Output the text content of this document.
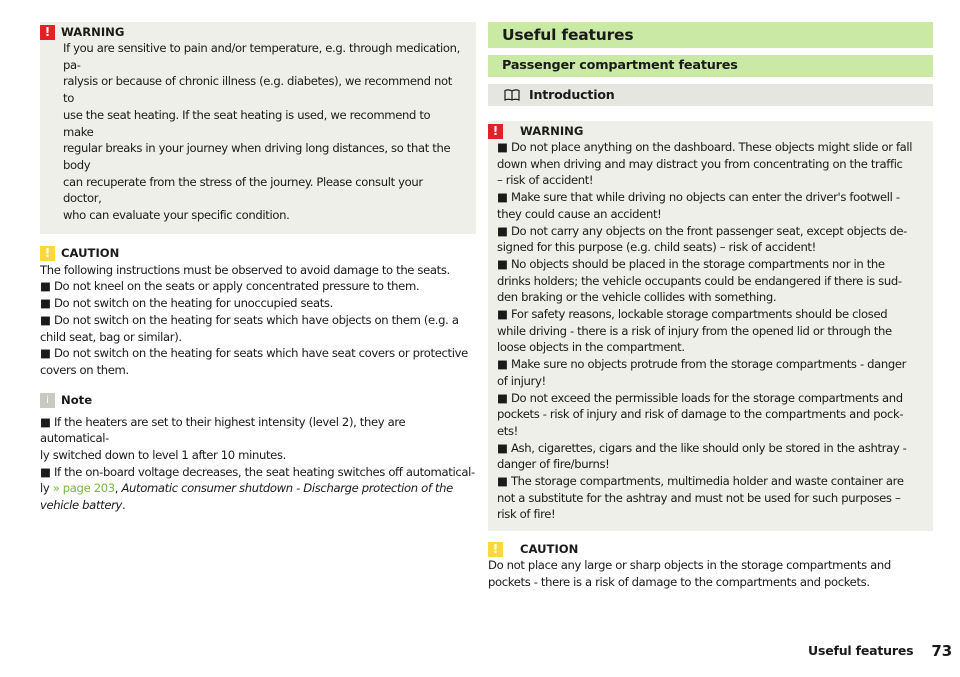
! WARNING
If you are sensitive to pain and/or temperature, e.g. through medication, pa-
ralysis or because of chronic illness (e.g. diabetes), we recommend not to
use the seat heating. If the seat heating is used, we recommend to make
regular breaks in your journey when driving long distances, so that the body
can recuperate from the stress of the journey. Please consult your doctor,
who can evaluate your specific condition.
! CAUTION
The following instructions must be observed to avoid damage to the seats.
■ Do not kneel on the seats or apply concentrated pressure to them.
■ Do not switch on the heating for unoccupied seats.
■ Do not switch on the heating for seats which have objects on them (e.g. a
child seat, bag or similar).
■ Do not switch on the heating for seats which have seat covers or protective
covers on them.
i	Note
■ If the heaters are set to their highest intensity (level 2), they are automatical-
ly switched down to level 1 after 10 minutes.
■ If the on-board voltage decreases, the seat heating switches off automatical-
ly » page 203, Automatic consumer shutdown - Discharge protection of the
vehicle battery.
Useful features
Passenger compartment features
Introduction
!	WARNING
■ Do not place anything on the dashboard. These objects might slide or fall
down when driving and may distract you from concentrating on the traffic
– risk of accident!
■ Make sure that while driving no objects can enter the driver's footwell -
they could cause an accident!
■ Do not carry any objects on the front passenger seat, except objects de-
signed for this purpose (e.g. child seats) – risk of accident!
■ No objects should be placed in the storage compartments nor in the
drinks holders; the vehicle occupants could be endangered if there is sud-
den braking or the vehicle collides with something.
■ For safety reasons, lockable storage compartments should be closed
while driving - there is a risk of injury from the opened lid or through the
loose objects in the compartment.
■ Make sure no objects protrude from the storage compartments - danger
of injury!
■ Do not exceed the permissible loads for the storage compartments and
pockets - risk of injury and risk of damage to the compartments and pock-
ets!
■ Ash, cigarettes, cigars and the like should only be stored in the ashtray -
danger of fire/burns!
■ The storage compartments, multimedia holder and waste container are
not a substitute for the ashtray and must not be used for such purposes –
risk of fire!
!	CAUTION
Do not place any large or sharp objects in the storage compartments and
pockets - there is a risk of damage to the compartments and pockets.
Useful features 73
